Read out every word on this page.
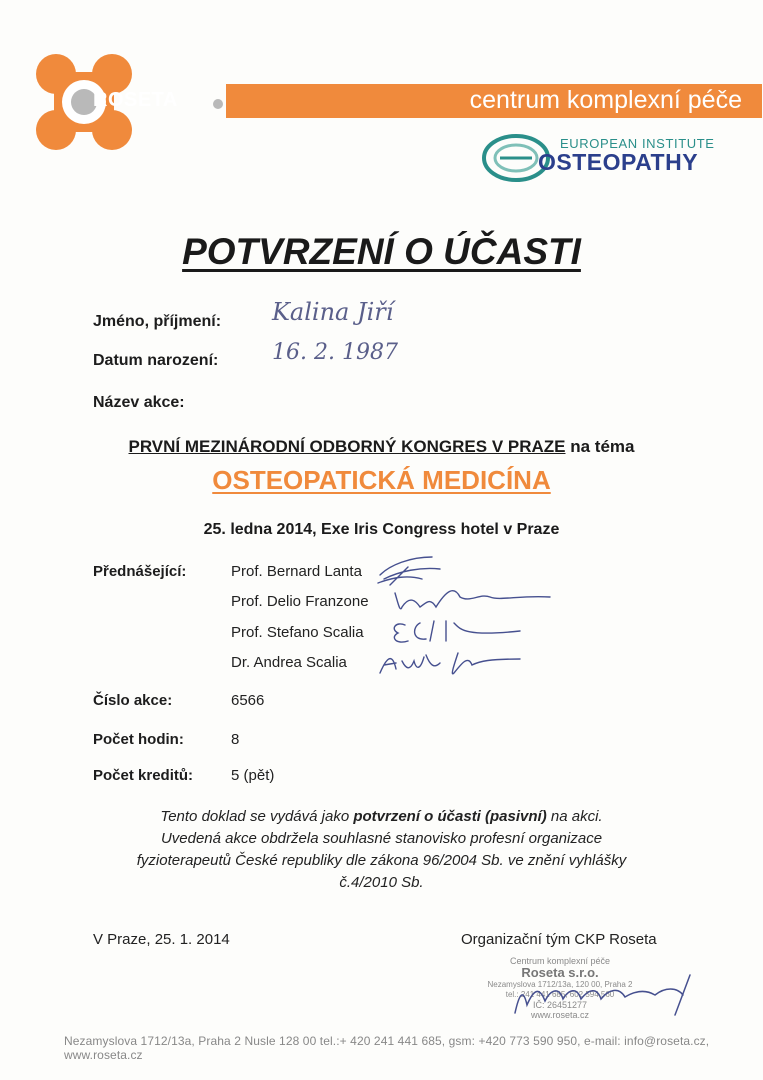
ROSETA	centrum komplexní péče
EUROPEAN INSTITUTE
OSTEOPATHY
POTVRZENÍ O ÚČASTI
Jméno, příjmení: Kalina Jiří
Datum narození: 16. 2. 1987
Název akce:
PRVNÍ MEZINÁRODNÍ ODBORNÝ KONGRES V PRAZE na téma
OSTEOPATICKÁ MEDICÍNA
25. ledna 2014, Exe Iris Congress hotel v Praze
Přednášející:	Prof. Bernard Lanta
Prof. Delio Franzone
Prof. Stefano Scalia
Dr. Andrea Scalia
Číslo akce:	6566
Počet hodin:	8
Počet kreditů:	5 (pět)
Tento doklad se vydává jako potvrzení o účasti (pasivní) na akci.
Uvedená akce obdržela souhlasné stanovisko profesní organizace
fyzioterapeutů České republiky dle zákona 96/2004 Sb. ve znění vyhlášky
č.4/2010 Sb.
V Praze, 25. 1. 2014	Organizační tým CKP Roseta
Centrum komplexní péče
Roseta s.r.o.
Nezamyslova 1712/13a, 120 00, Praha 2
tel.: 241 441 685, 602 594 560
IČ: 26451277
www.roseta.cz
Nezamyslova 1712/13a, Praha 2 Nusle 128 00 tel.:+ 420 241 441 685, gsm: +420 773 590 950, e-mail: info@roseta.cz, www.roseta.cz
